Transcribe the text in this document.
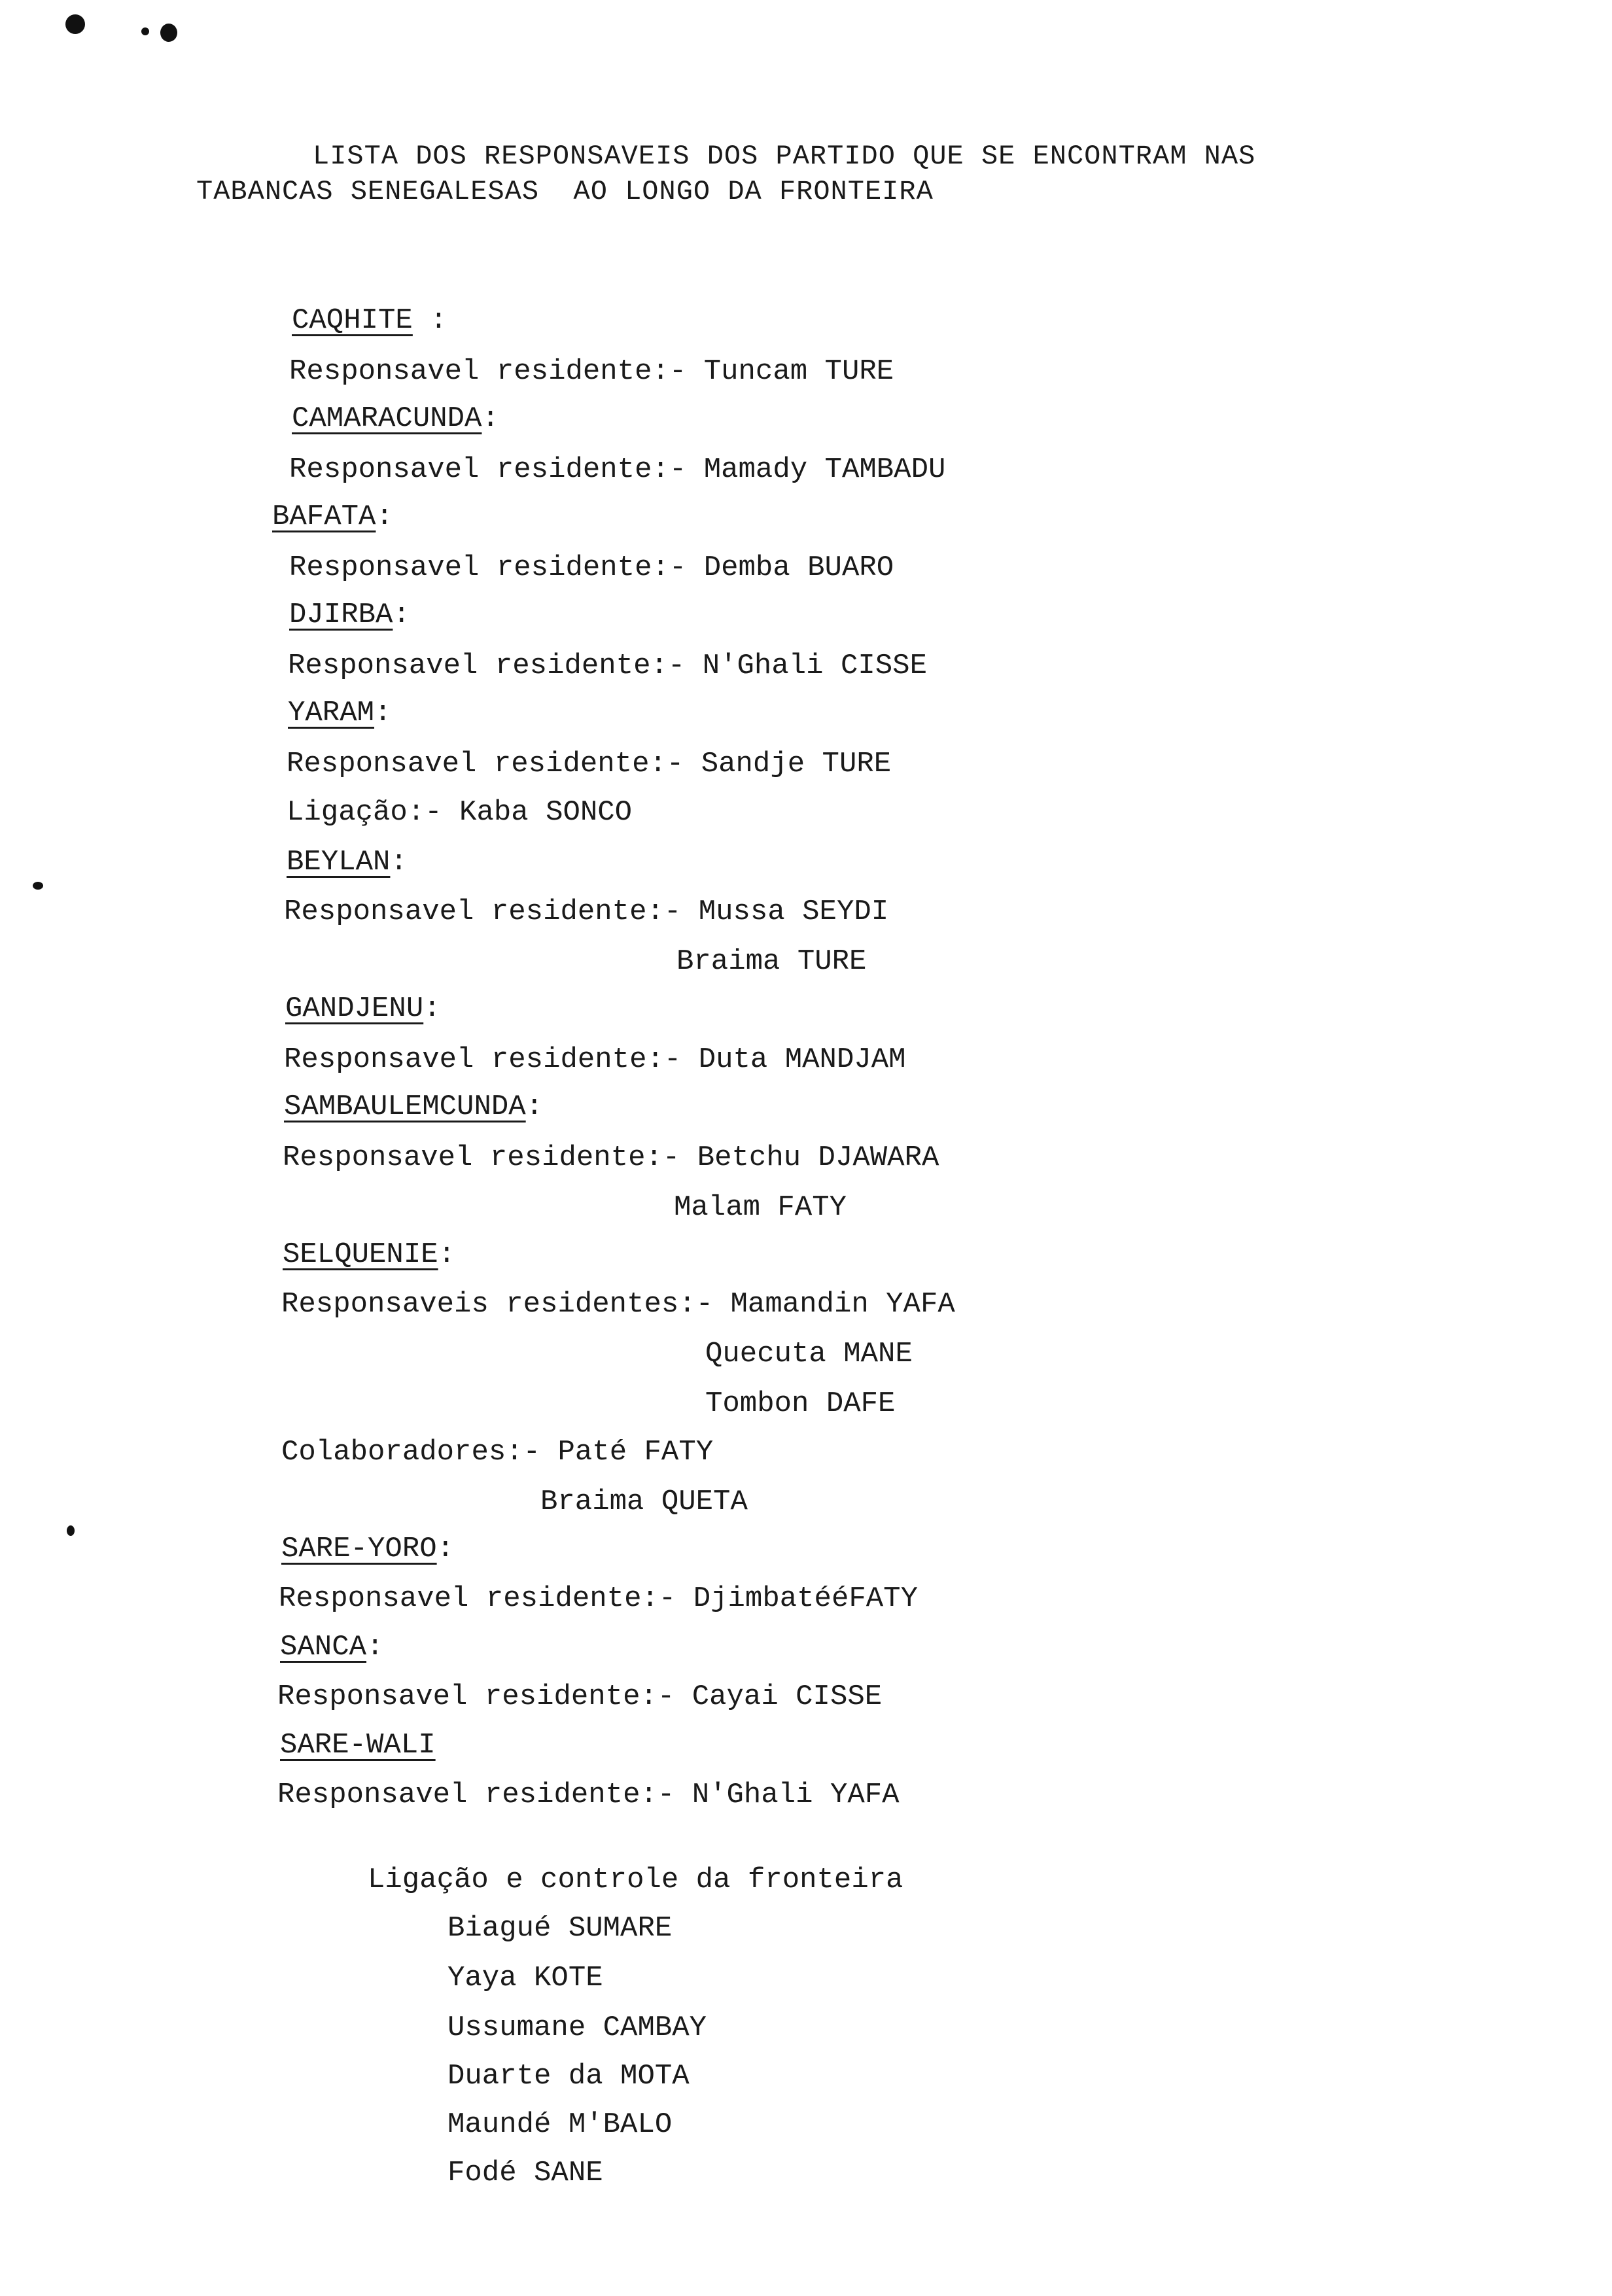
LISTA DOS RESPONSAVEIS DOS PARTIDO QUE SE ENCONTRAM NAS
TABANCAS SENEGALESAS  AO LONGO DA FRONTEIRA
CAQHITE :
Responsavel residente:- Tuncam TURE
CAMARACUNDA:
Responsavel residente:- Mamady TAMBADU
BAFATA:
Responsavel residente:- Demba BUARO
DJIRBA:
Responsavel residente:- N'Ghali CISSE
YARAM:
Responsavel residente:- Sandje TURE
Ligação:- Kaba SONCO
BEYLAN:
Responsavel residente:- Mussa SEYDI
Braima TURE
GANDJENU:
Responsavel residente:- Duta MANDJAM
SAMBAULEMCUNDA:
Responsavel residente:- Betchu DJAWARA
Malam FATY
SELQUENIE:
Responsaveis residentes:- Mamandin YAFA
Quecuta MANE
Tombon DAFE
Colaboradores:- Paté FATY
Braima QUETA
SARE-YORO:
Responsavel residente:- DjimbatééFATY
SANCA:
Responsavel residente:- Cayai CISSE
SARE-WALI
Responsavel residente:- N'Ghali YAFA
Ligação e controle da fronteira
Biagué SUMARE
Yaya KOTE
Ussumane CAMBAY
Duarte da MOTA
Maundé M'BALO
Fodé SANE
